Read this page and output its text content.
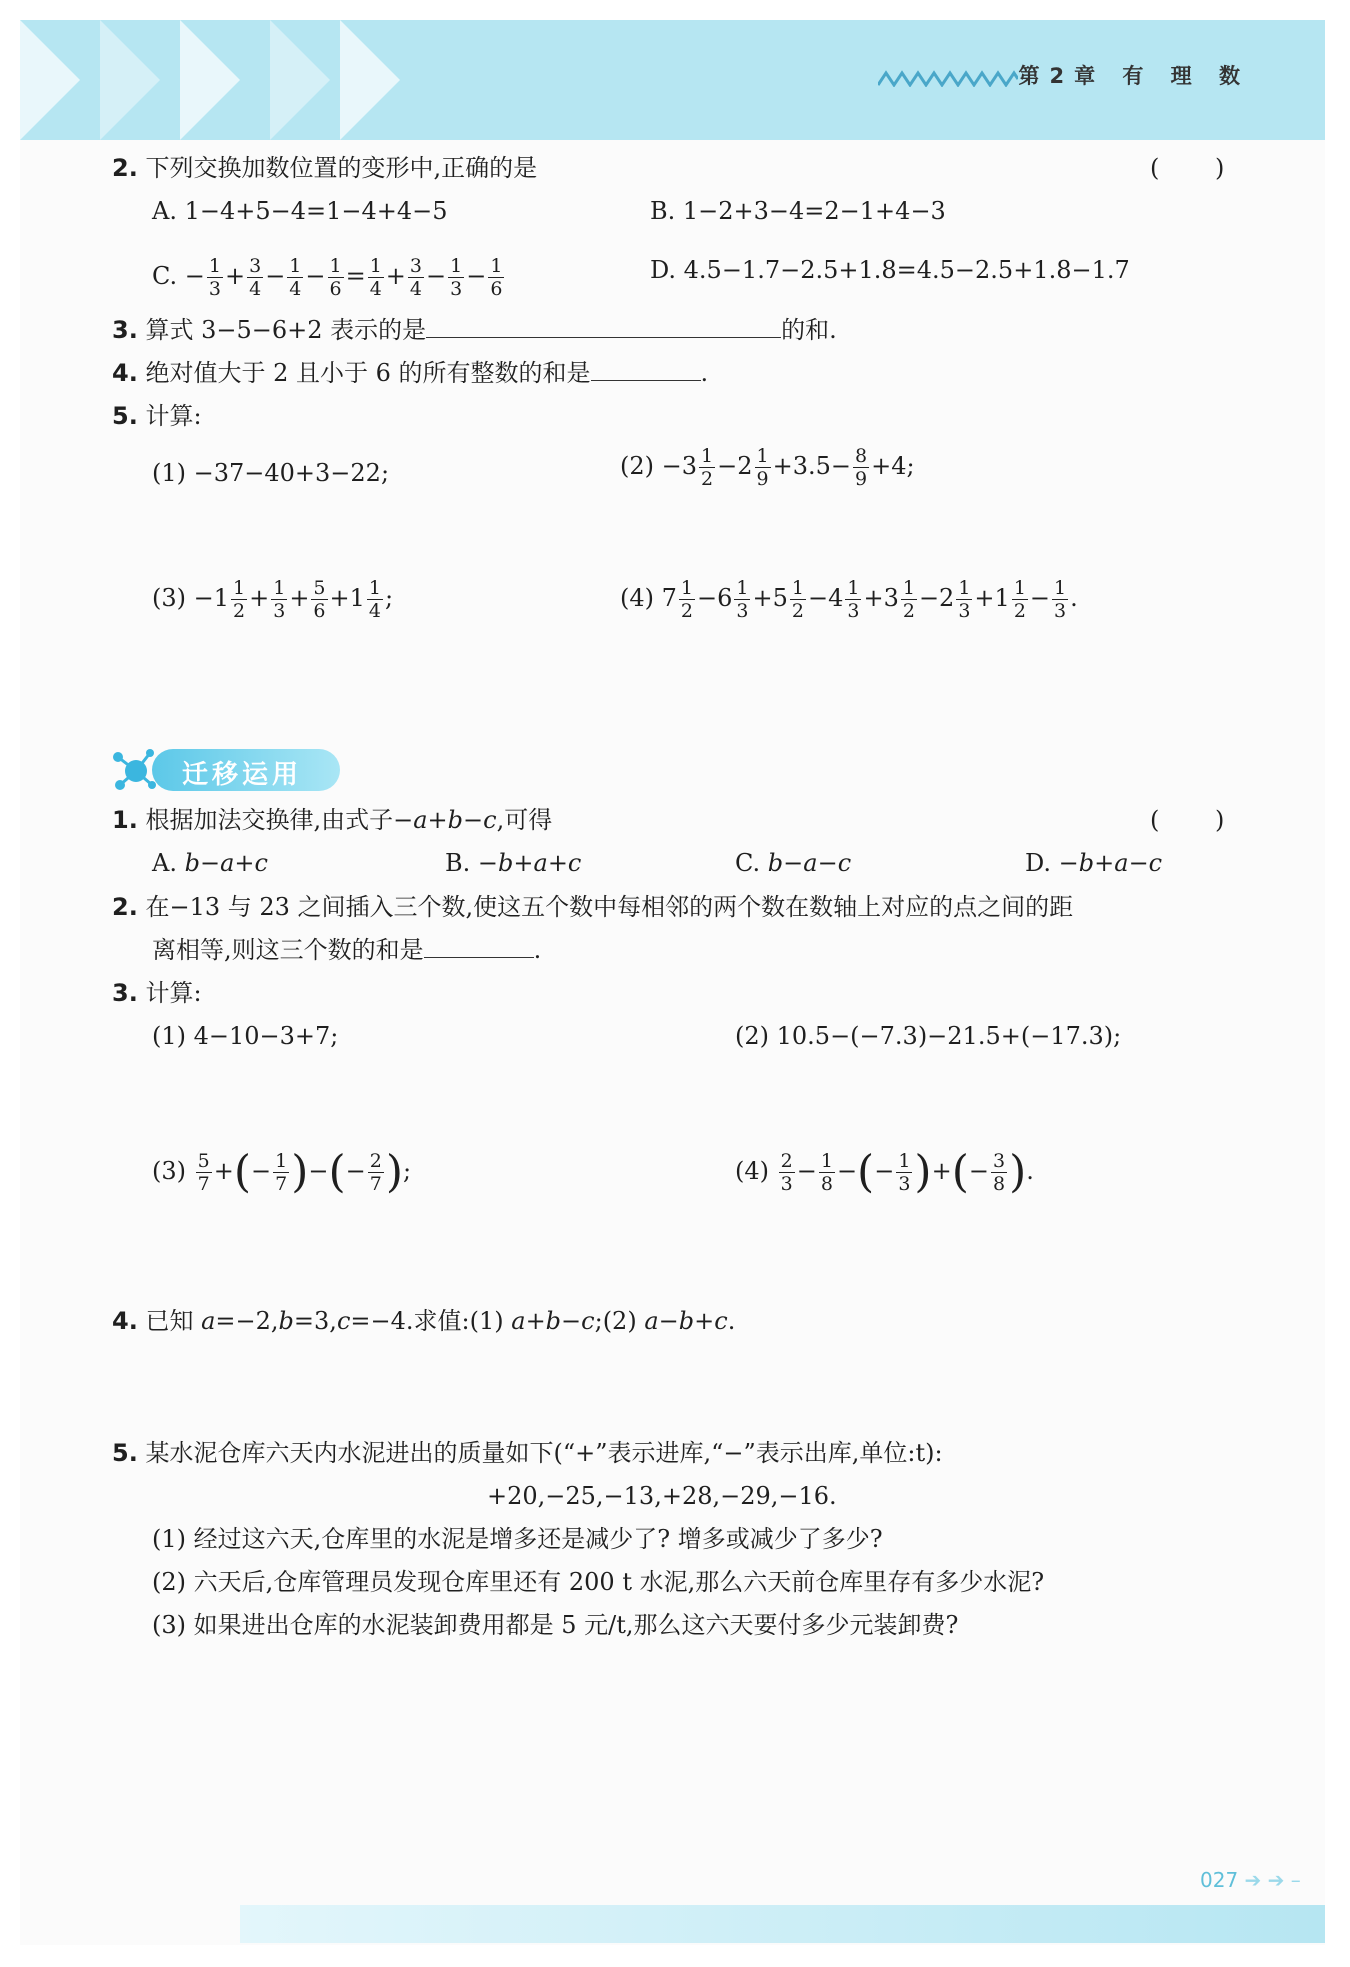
第2章 有 理 数
2. 下列交换加数位置的变形中,正确的是	( )
A. 1−4+5−4=1−4+4−5	B. 1−2+3−4=2−1+4−3
C. − $\frac{1}{3} + \frac{3}{4} - \frac{1}{4} - \frac{1}{6} = \frac{1}{4} + \frac{3}{4} - \frac{1}{3} - \frac{1}{6}$	D. 4.5−1.7−2.5+1.8=4.5−2.5+1.8−1.7
3. 算式 3−5−6+2 表示的是	的和.
4. 绝对值大于 2 且小于 6 的所有整数的和是	.
5. 计算:
(1) −37−40+3−22;	$(2) -3 \frac{1}{2} -2 \frac{1}{9} +3.5- \frac{8}{9} +4$;
$(3) -1 \frac{1}{2} + \frac{1}{3} + \frac{5}{6} +1 \frac{1}{4}$ ;	(4) $7 \frac{1}{2} -6 \frac{1}{3} +5 \frac{1}{2} -4 \frac{1}{3} +3 \frac{1}{2} -2 \frac{1}{3} +1 \frac{1}{2} - \frac{1}{3}$ .
迁移运用
1. 根据加法交换律,由式子−a+b−c,可得	( )
A. b−a+c	B. −b+a+c	C. b−a−c	D. −b+a−c
2. 在−13 与 23 之间插入三个数,使这五个数中每相邻的两个数在数轴上对应的点之间的距
离相等,则这三个数的和是	.
3. 计算:
(1) 4−10−3+7;	(2) 10.5−(−7.3)−21.5+(−17.3);
$(3) \frac{5}{7}$ +(− $\frac{1}{7}$ )−(− $\frac{2}{7}$ );	$(4) \frac{2}{3} - \frac{1}{8}$ −(− $\frac{1}{3}$ )+(− $\frac{3}{8}$ ).
4. 已知 a=−2,b=3,c=−4.求值:(1) a+b−c;(2) a−b+c.
5. 某水泥仓库六天内水泥进出的质量如下(“+”表示进库,“−”表示出库,单位:t):
+20,−25,−13,+28,−29,−16.
(1) 经过这六天,仓库里的水泥是增多还是减少了? 增多或减少了多少?
(2) 六天后,仓库管理员发现仓库里还有 200 t 水泥,那么六天前仓库里存有多少水泥?
(3) 如果进出仓库的水泥装卸费用都是 5 元/t,那么这六天要付多少元装卸费?
027 ➔ ➔ –
